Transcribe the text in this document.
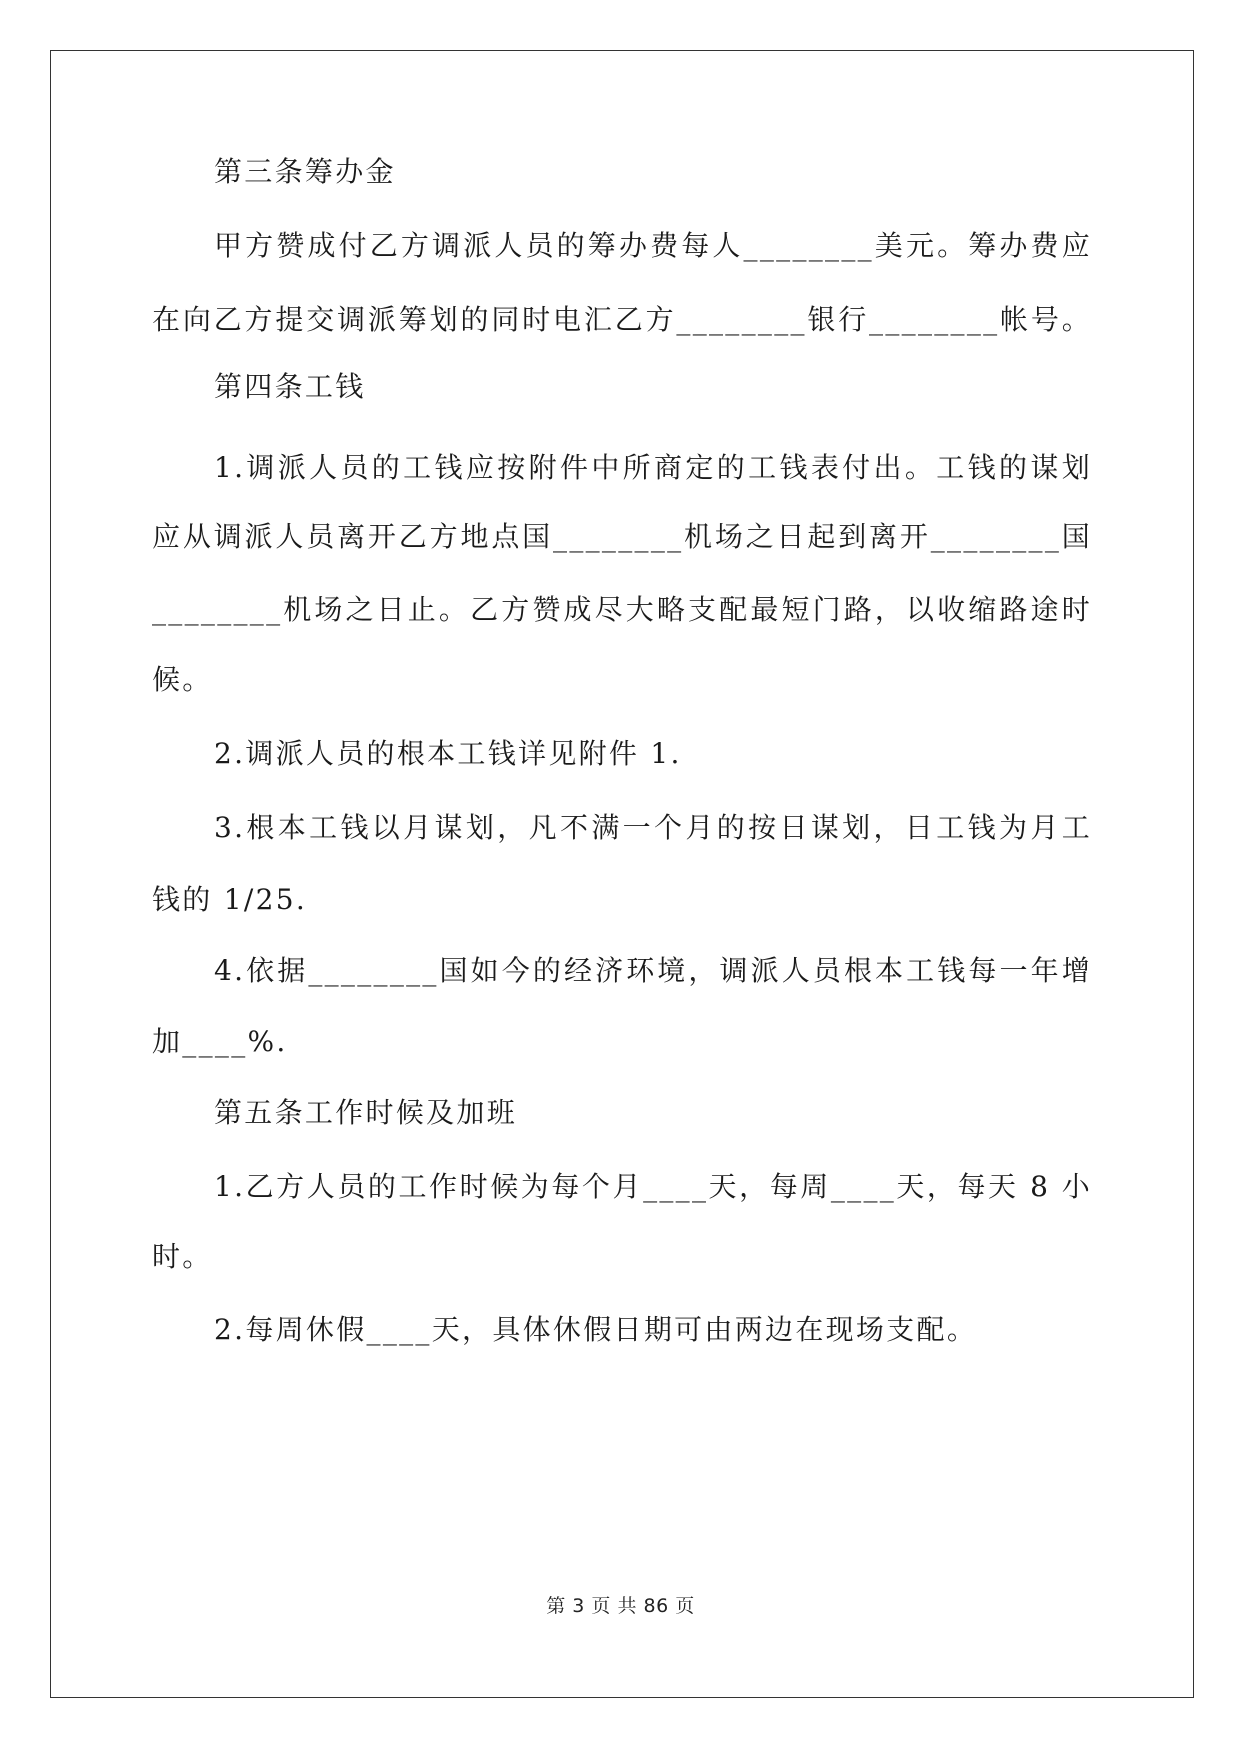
第三条筹办金
甲方赞成付乙方调派人员的筹办费每人________美元。筹办费应
在向乙方提交调派筹划的同时电汇乙方________银行________帐号。
第四条工钱
1.调派人员的工钱应按附件中所商定的工钱表付出。工钱的谋划
应从调派人员离开乙方地点国________机场之日起到离开________国
________机场之日止。乙方赞成尽大略支配最短门路，以收缩路途时
候。
2.调派人员的根本工钱详见附件 1.
3.根本工钱以月谋划，凡不满一个月的按日谋划，日工钱为月工
钱的 1/25.
4.依据________国如今的经济环境，调派人员根本工钱每一年增
加____%.
第五条工作时候及加班
1.乙方人员的工作时候为每个月____天，每周____天，每天 8 小
时。
2.每周休假____天，具体休假日期可由两边在现场支配。
第 3 页 共 86 页
